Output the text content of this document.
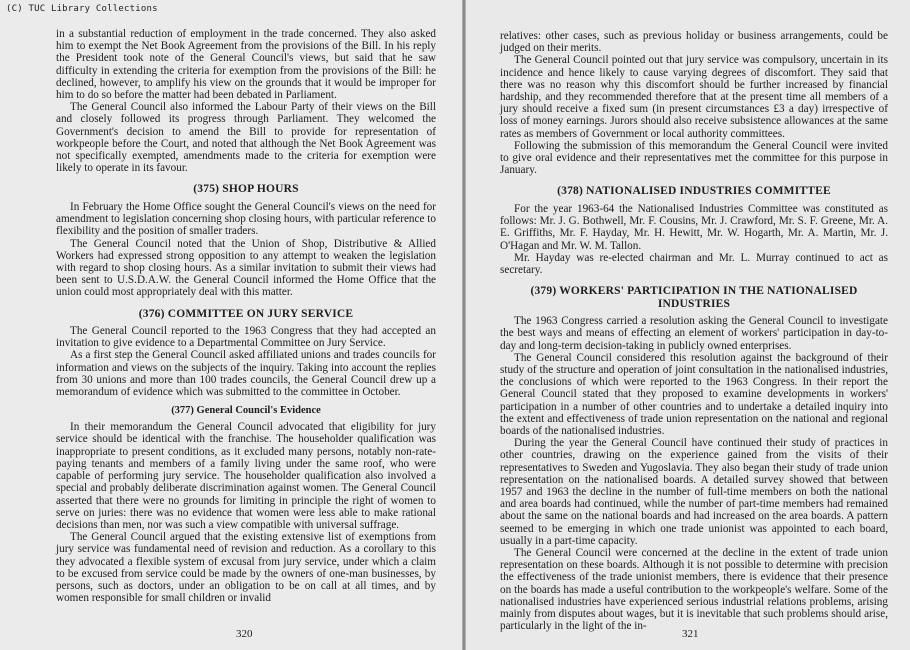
(C) TUC Library Collections

in a substantial reduction of employment in the trade concerned. They also asked him to exempt the Net Book Agreement from the provisions of the Bill. In his reply the President took note of the General Council's views, but said that he saw difficulty in extending the criteria for exemption from the provisions of the Bill: he declined, however, to amplify his view on the grounds that it would be improper for him to do so before the matter had been debated in Parliament.

The General Council also informed the Labour Party of their views on the Bill and closely followed its progress through Parliament. They welcomed the Government's decision to amend the Bill to provide for representation of workpeople before the Court, and noted that although the Net Book Agreement was not specifically exempted, amendments made to the criteria for exemption were likely to operate in its favour.

(375) SHOP HOURS

In February the Home Office sought the General Council's views on the need for amendment to legislation concerning shop closing hours, with particular reference to flexibility and the position of smaller traders.

The General Council noted that the Union of Shop, Distributive & Allied Workers had expressed strong opposition to any attempt to weaken the legislation with regard to shop closing hours. As a similar invitation to submit their views had been sent to U.S.D.A.W. the General Council informed the Home Office that the union could most appropriately deal with this matter.

(376) COMMITTEE ON JURY SERVICE

The General Council reported to the 1963 Congress that they had accepted an invitation to give evidence to a Departmental Committee on Jury Service.

As a first step the General Council asked affiliated unions and trades councils for information and views on the subjects of the inquiry. Taking into account the replies from 30 unions and more than 100 trades councils, the General Council drew up a memorandum of evidence which was submitted to the committee in October.

(377) General Council's Evidence

In their memorandum the General Council advocated that eligibility for jury service should be identical with the franchise. The householder qualification was inappropriate to present conditions, as it excluded many persons, notably non-rate-paying tenants and members of a family living under the same roof, who were capable of performing jury service. The householder qualification also involved a special and probably deliberate discrimination against women. The General Council asserted that there were no grounds for limiting in principle the right of women to serve on juries: there was no evidence that women were less able to make rational decisions than men, nor was such a view compatible with universal suffrage.

The General Council argued that the existing extensive list of exemptions from jury service was fundamental need of revision and reduction. As a corollary to this they advocated a flexible system of excusal from jury service, under which a claim to be excused from service could be made by the owners of one-man businesses, by persons, such as doctors, under an obligation to be on call at all times, and by women responsible for small children or invalid

320

relatives: other cases, such as previous holiday or business arrangements, could be judged on their merits.

The General Council pointed out that jury service was compulsory, uncertain in its incidence and hence likely to cause varying degrees of discomfort. They said that there was no reason why this discomfort should be further increased by financial hardship, and they recommended therefore that at the present time all members of a jury should receive a fixed sum (in present circumstances £3 a day) irrespective of loss of money earnings. Jurors should also receive subsistence allowances at the same rates as members of Government or local authority committees.

Following the submission of this memorandum the General Council were invited to give oral evidence and their representatives met the committee for this purpose in January.

(378) NATIONALISED INDUSTRIES COMMITTEE

For the year 1963-64 the Nationalised Industries Committee was constituted as follows: Mr. J. G. Bothwell, Mr. F. Cousins, Mr. J. Crawford, Mr. S. F. Greene, Mr. A. E. Griffiths, Mr. F. Hayday, Mr. H. Hewitt, Mr. W. Hogarth, Mr. A. Martin, Mr. J. O'Hagan and Mr. W. M. Tallon.

Mr. Hayday was re-elected chairman and Mr. L. Murray continued to act as secretary.

(379) WORKERS' PARTICIPATION IN THE NATIONALISED INDUSTRIES

The 1963 Congress carried a resolution asking the General Council to investigate the best ways and means of effecting an element of workers' participation in day-to-day and long-term decision-taking in publicly owned enterprises.

The General Council considered this resolution against the background of their study of the structure and operation of joint consultation in the nationalised industries, the conclusions of which were reported to the 1963 Congress. In their report the General Council stated that they proposed to examine developments in workers' participation in a number of other countries and to undertake a detailed inquiry into the extent and effectiveness of trade union representation on the national and regional boards of the nationalised industries.

During the year the General Council have continued their study of practices in other countries, drawing on the experience gained from the visits of their representatives to Sweden and Yugoslavia. They also began their study of trade union representation on the nationalised boards. A detailed survey showed that between 1957 and 1963 the decline in the number of full-time members on both the national and area boards had continued, while the number of part-time members had remained about the same on the national boards and had increased on the area boards. A pattern seemed to be emerging in which one trade unionist was appointed to each board, usually in a part-time capacity.

The General Council were concerned at the decline in the extent of trade union representation on these boards. Although it is not possible to determine with precision the effectiveness of the trade unionist members, there is evidence that their presence on the boards has made a useful contribution to the workpeople's welfare. Some of the nationalised industries have experienced serious industrial relations problems, arising mainly from disputes about wages, but it is inevitable that such problems should arise, particularly in the light of the in-

321
